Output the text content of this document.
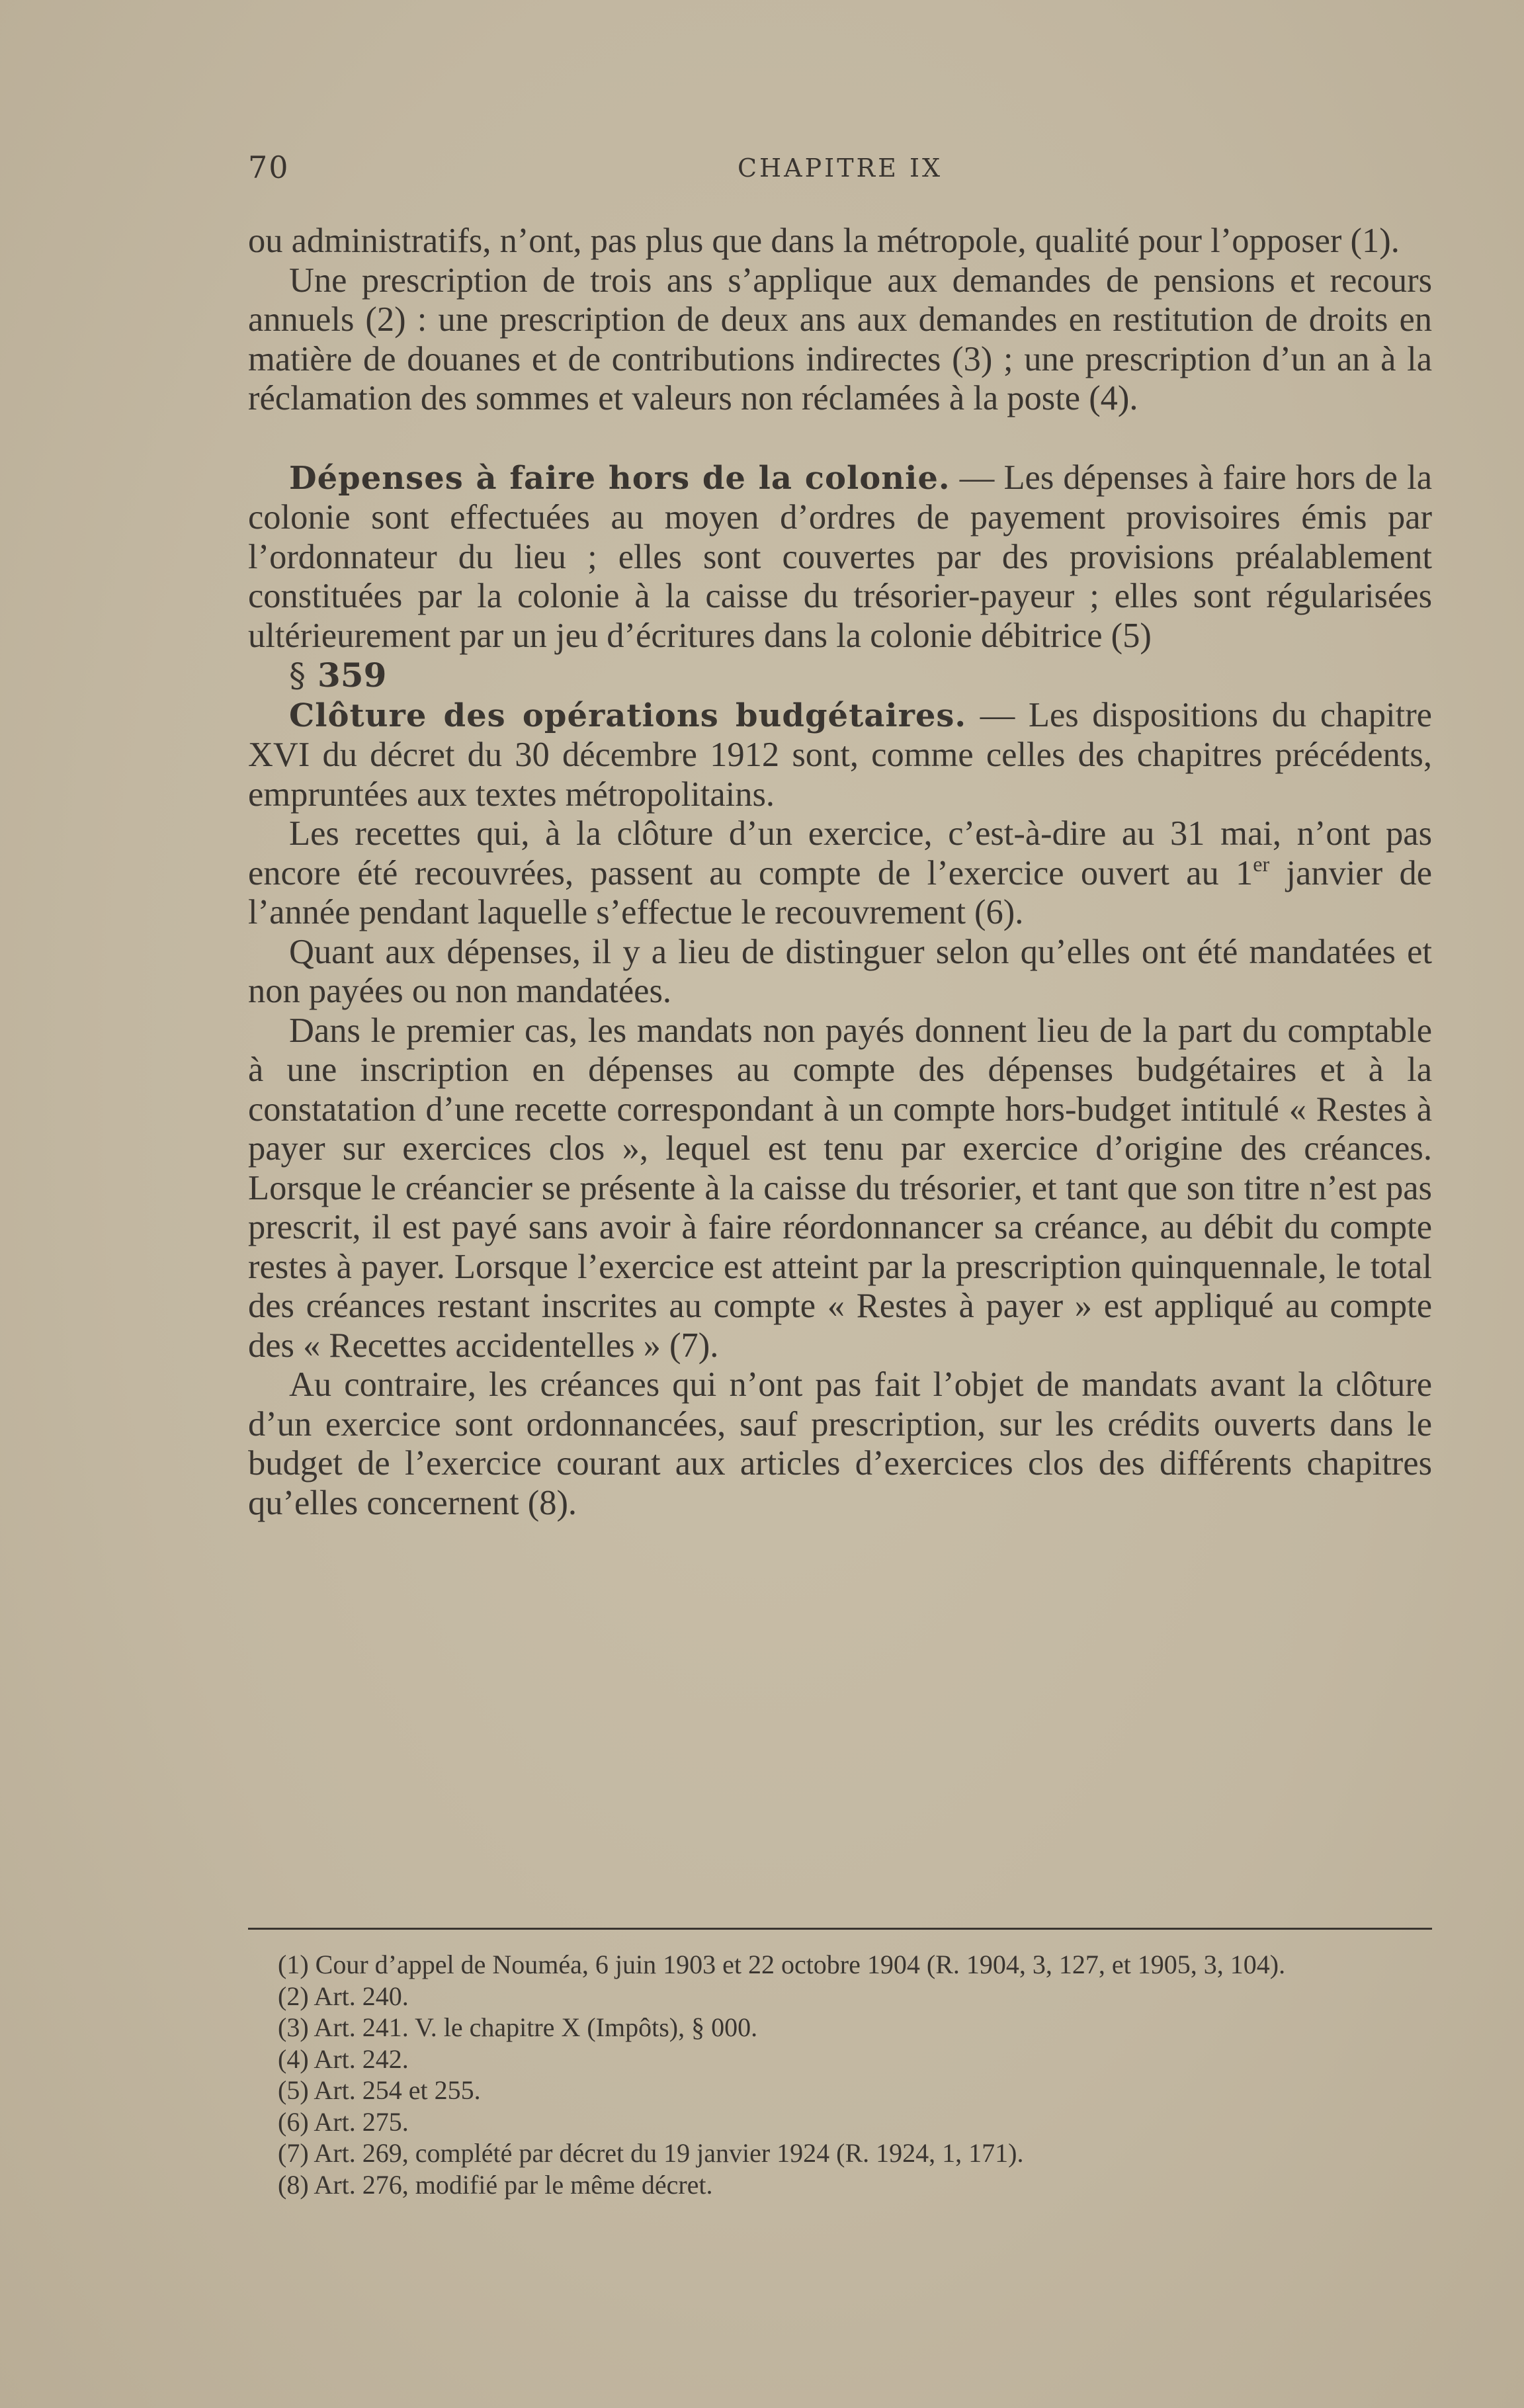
70	CHAPITRE IX

ou administratifs, n’ont, pas plus que dans la métropole, qualité pour l’opposer (1).

Une prescription de trois ans s’applique aux demandes de pensions et recours annuels (2) : une prescription de deux ans aux demandes en restitution de droits en matière de douanes et de contributions indirectes (3) ; une prescription d’un an à la réclamation des sommes et valeurs non réclamées à la poste (4).

Dépenses à faire hors de la colonie. — Les dépenses à faire hors de la colonie sont effectuées au moyen d’ordres de payement provisoires émis par l’ordonnateur du lieu ; elles sont couvertes par des provisions préalablement constituées par la colonie à la caisse du trésorier-payeur ; elles sont régularisées ultérieurement par un jeu d’écritures dans la colonie débitrice (5)

§ 359

Clôture des opérations budgétaires. — Les dispositions du chapitre XVI du décret du 30 décembre 1912 sont, comme celles des chapitres précédents, empruntées aux textes métropolitains.

Les recettes qui, à la clôture d’un exercice, c’est-à-dire au 31 mai, n’ont pas encore été recouvrées, passent au compte de l’exercice ouvert au 1er janvier de l’année pendant laquelle s’effectue le recouvrement (6).

Quant aux dépenses, il y a lieu de distinguer selon qu’elles ont été mandatées et non payées ou non mandatées.

Dans le premier cas, les mandats non payés donnent lieu de la part du comptable à une inscription en dépenses au compte des dépenses budgétaires et à la constatation d’une recette correspondant à un compte hors-budget intitulé « Restes à payer sur exercices clos », lequel est tenu par exercice d’origine des créances. Lorsque le créancier se présente à la caisse du trésorier, et tant que son titre n’est pas prescrit, il est payé sans avoir à faire réordonnancer sa créance, au débit du compte restes à payer. Lorsque l’exercice est atteint par la prescription quinquennale, le total des créances restant inscrites au compte « Restes à payer » est appliqué au compte des « Recettes accidentelles » (7).

Au contraire, les créances qui n’ont pas fait l’objet de mandats avant la clôture d’un exercice sont ordonnancées, sauf prescription, sur les crédits ouverts dans le budget de l’exercice courant aux articles d’exercices clos des différents chapitres qu’elles concernent (8).

(1) Cour d’appel de Nouméa, 6 juin 1903 et 22 octobre 1904 (R. 1904, 3, 127, et 1905, 3, 104).

(2) Art. 240.

(3) Art. 241. V. le chapitre X (Impôts), § 000.

(4) Art. 242.

(5) Art. 254 et 255.

(6) Art. 275.

(7) Art. 269, complété par décret du 19 janvier 1924 (R. 1924, 1, 171).

(8) Art. 276, modifié par le même décret.
